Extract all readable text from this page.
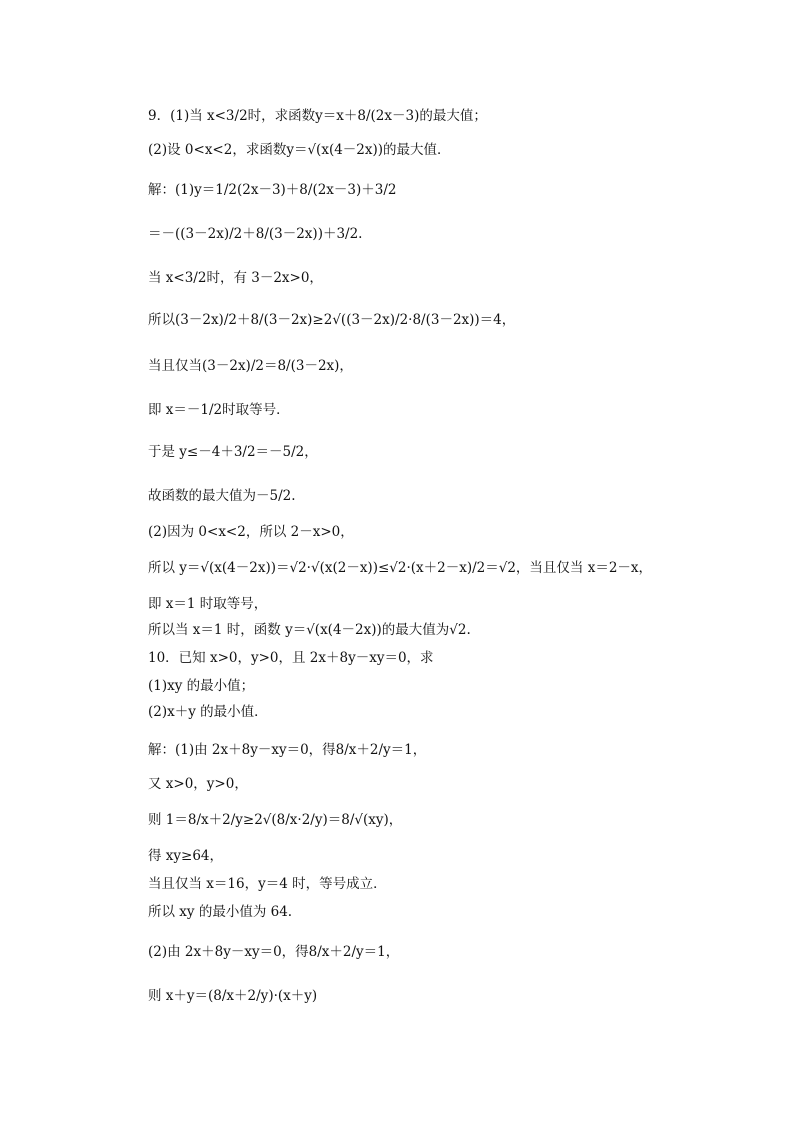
9．(1)当 x<3/2时，求函数y＝x＋8/(2x－3)的最大值；
(2)设 0<x<2，求函数y＝√(x(4－2x))的最大值．
解：(1)y＝1/2(2x－3)＋8/(2x－3)＋3/2
＝－((3－2x)/2＋8/(3－2x))＋3/2.
当 x<3/2时，有 3－2x>0，
所以(3－2x)/2＋8/(3－2x)≥2√((3－2x)/2·8/(3－2x))＝4，
当且仅当(3－2x)/2＝8/(3－2x)，
即 x＝－1/2时取等号．
于是 y≤－4＋3/2＝－5/2，
故函数的最大值为－5/2.
(2)因为 0<x<2，所以 2－x>0，
所以 y＝√(x(4－2x))＝√2·√(x(2－x))≤√2·(x＋2－x)/2＝√2，当且仅当 x＝2－x，
即 x＝1 时取等号，
所以当 x＝1 时，函数 y＝√(x(4－2x))的最大值为√2.
10．已知 x>0，y>0，且 2x＋8y－xy＝0，求
(1)xy 的最小值；
(2)x＋y 的最小值．
解：(1)由 2x＋8y－xy＝0，得8/x＋2/y＝1，
又 x>0，y>0，
则 1＝8/x＋2/y≥2√(8/x·2/y)＝8/√(xy)，
得 xy≥64，
当且仅当 x＝16，y＝4 时，等号成立．
所以 xy 的最小值为 64.
(2)由 2x＋8y－xy＝0，得8/x＋2/y＝1，
则 x＋y＝(8/x＋2/y)·(x＋y)
